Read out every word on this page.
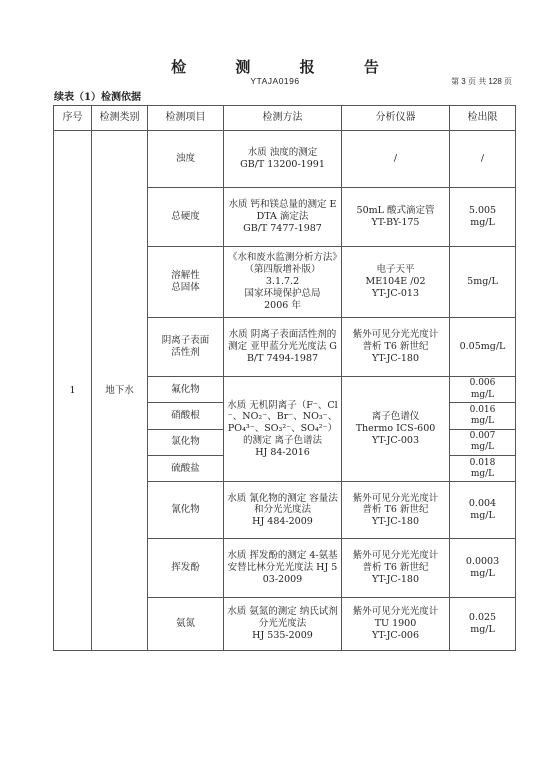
检 测 报 告
YTAJA0196	第 3 页 共 128 页
续表（1）检测依据
序号	检测类别	检测项目	检测方法	分析仪器	检出限
1	地下水	浊度	水质 浊度的测定
GB/T 13200-1991	/	/
		总硬度	水质 钙和镁总量的测定 EDTA 滴定法
GB/T 7477-1987	50mL 酸式滴定管
YT-BY-175	5.005
mg/L
		溶解性
总固体	《水和废水监测分析方法》（第四版增补版）
3.1.7.2
国家环境保护总局
2006 年	电子天平
ME104E /02
YT-JC-013	5mg/L
		阴离子表面
活性剂	水质 阴离子表面活性剂的测定 亚甲蓝分光光度法 GB/T 7494-1987	紫外可见分光光度计
普析 T6 新世纪
YT-JC-180	0.05mg/L
		氟化物	水质 无机阴离子（F⁻、Cl⁻、NO₂⁻、Br⁻、NO₃⁻、PO₄³⁻、SO₃²⁻、SO₄²⁻）的测定 离子色谱法
HJ 84-2016	离子色谱仪
Thermo ICS-600
YT-JC-003	0.006
mg/L
		硝酸根			0.016
mg/L
		氯化物			0.007
mg/L
		硫酸盐			0.018
mg/L
		氰化物	水质 氰化物的测定 容量法和分光光度法
HJ 484-2009	紫外可见分光光度计
普析 T6 新世纪
YT-JC-180	0.004
mg/L
		挥发酚	水质 挥发酚的测定 4-氨基安替比林分光光度法 HJ 503-2009	紫外可见分光光度计
普析 T6 新世纪
YT-JC-180	0.0003
mg/L
		氨氮	水质 氨氮的测定 纳氏试剂分光光度法
HJ 535-2009	紫外可见分光光度计
TU 1900
YT-JC-006	0.025
mg/L
